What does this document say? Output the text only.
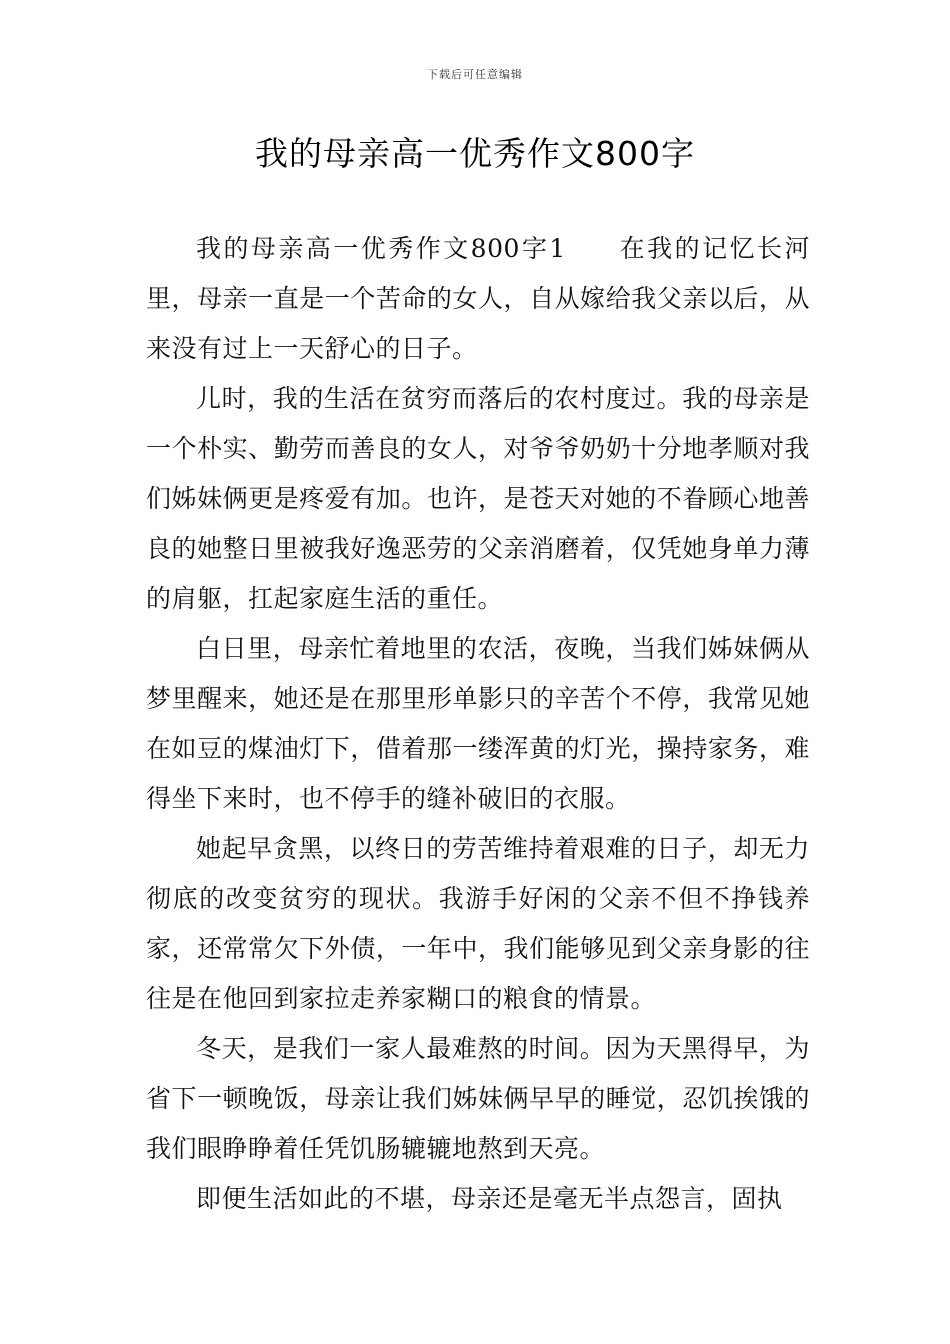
下载后可任意编辑
我的母亲高一优秀作文800字

我的母亲高一优秀作文800字1 在我的记忆长河里，母亲一直是一个苦命的女人，自从嫁给我父亲以后，从来没有过上一天舒心的日子。

儿时，我的生活在贫穷而落后的农村度过。我的母亲是一个朴实、勤劳而善良的女人，对爷爷奶奶十分地孝顺对我们姊妹俩更是疼爱有加。也许，是苍天对她的不眷顾心地善良的她整日里被我好逸恶劳的父亲消磨着，仅凭她身单力薄的肩躯，扛起家庭生活的重任。

白日里，母亲忙着地里的农活，夜晚，当我们姊妹俩从梦里醒来，她还是在那里形单影只的辛苦个不停，我常见她在如豆的煤油灯下，借着那一缕浑黄的灯光，操持家务，难得坐下来时，也不停手的缝补破旧的衣服。

她起早贪黑，以终日的劳苦维持着艰难的日子，却无力彻底的改变贫穷的现状。我游手好闲的父亲不但不挣钱养家，还常常欠下外债，一年中，我们能够见到父亲身影的往往是在他回到家拉走养家糊口的粮食的情景。

冬天，是我们一家人最难熬的时间。因为天黑得早，为省下一顿晚饭，母亲让我们姊妹俩早早的睡觉，忍饥挨饿的我们眼睁睁着任凭饥肠辘辘地熬到天亮。

即便生活如此的不堪，母亲还是毫无半点怨言，固执
